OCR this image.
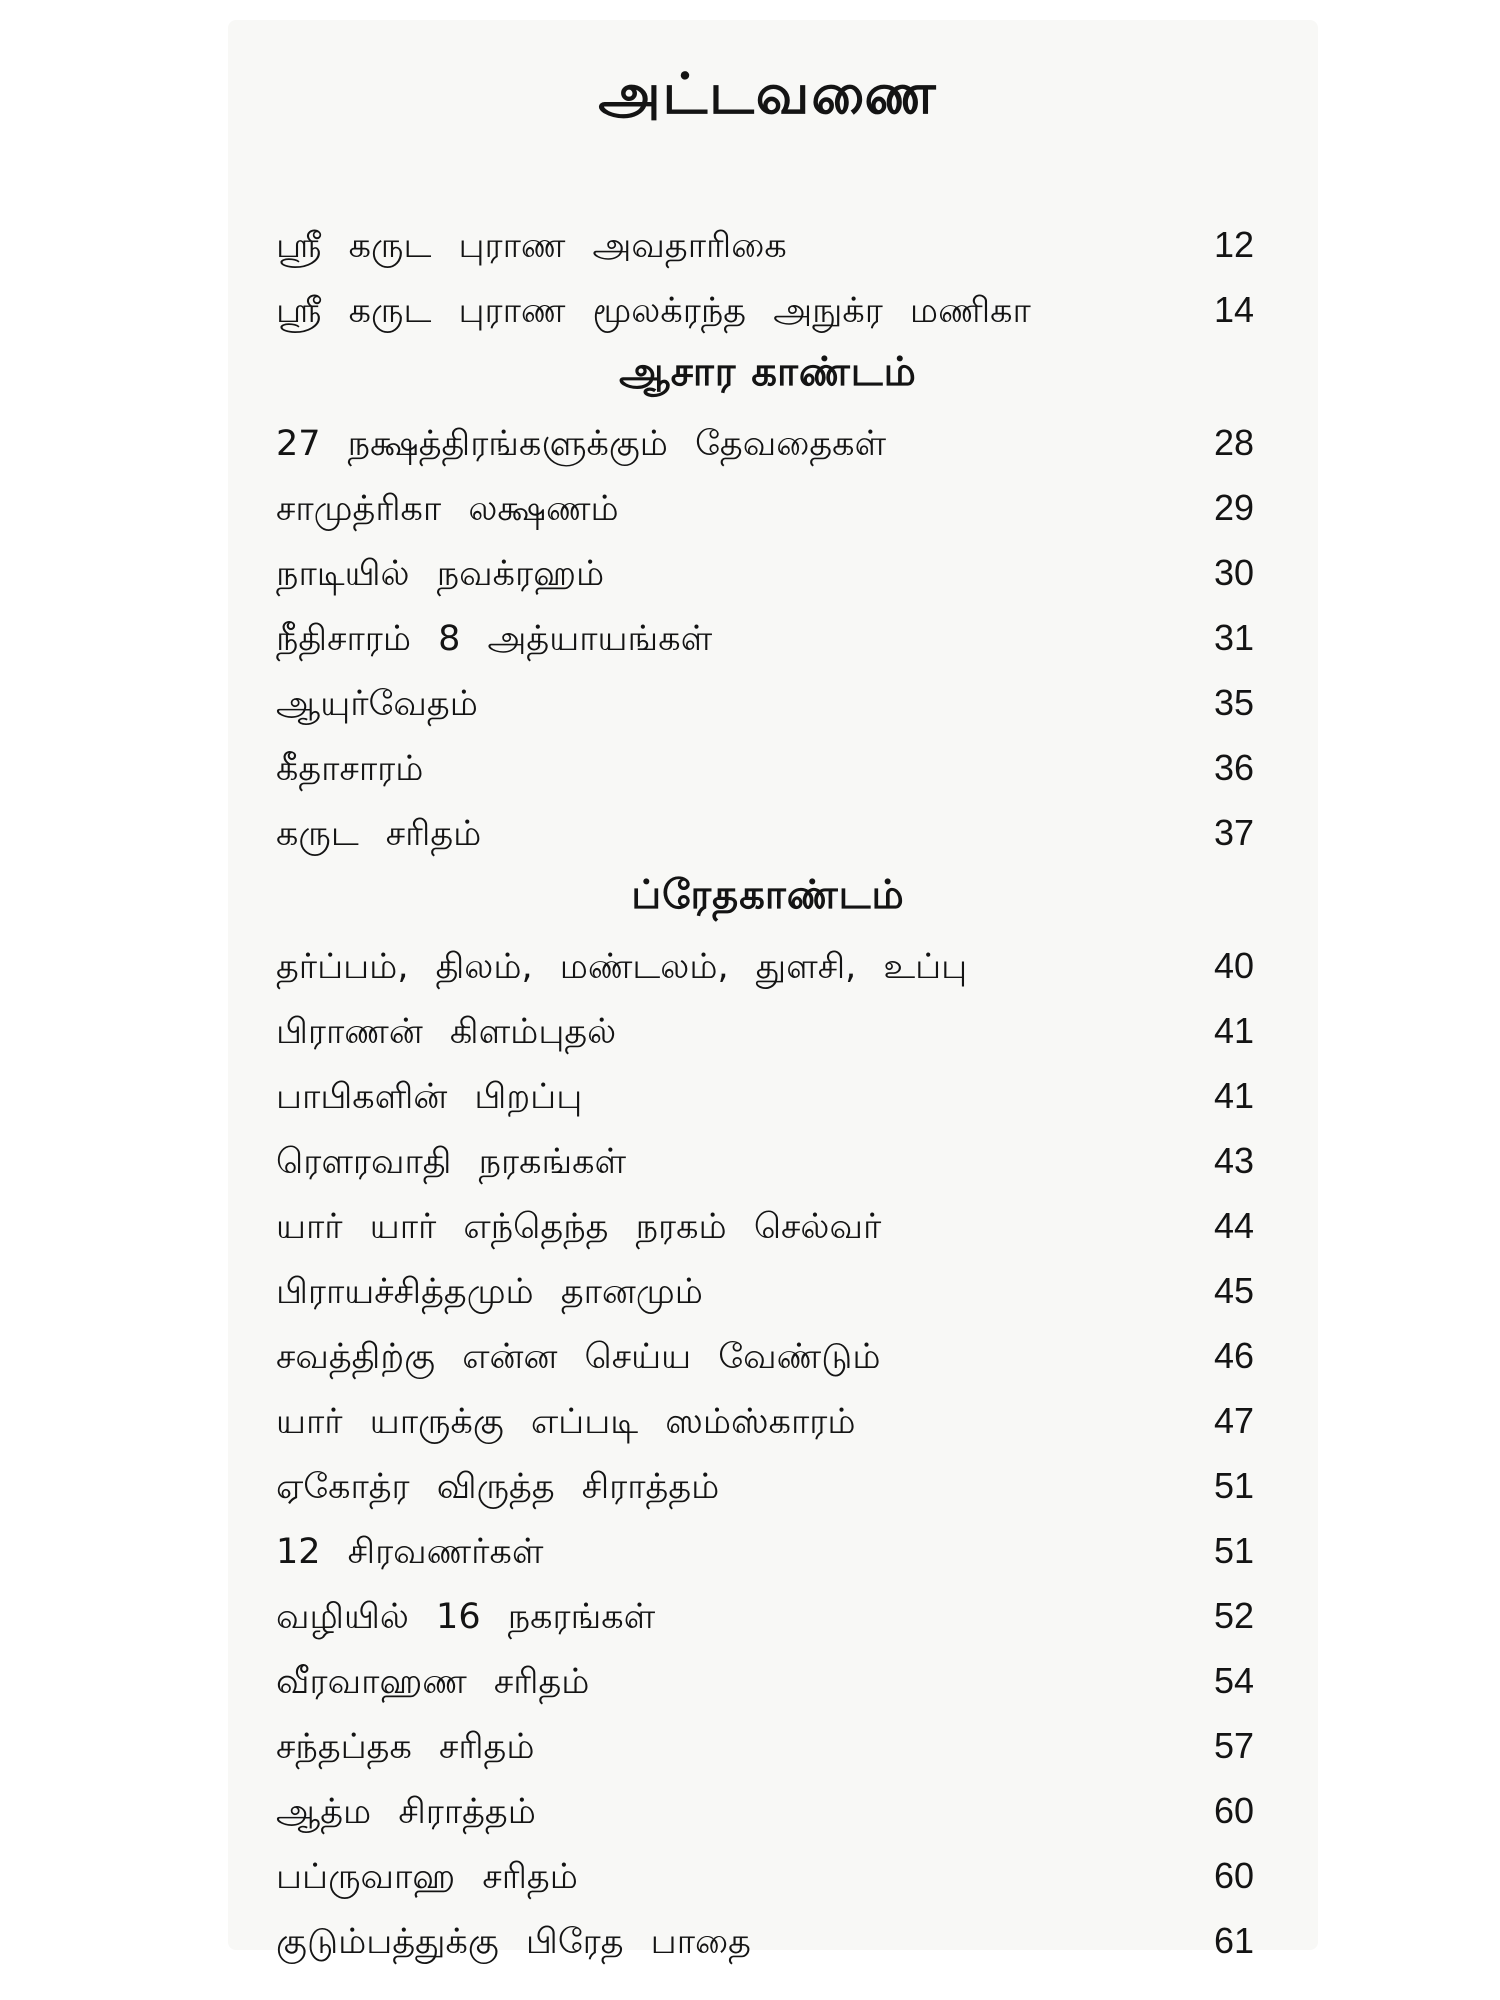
அட்டவணை
ஸ்ரீ கருட புராண அவதாரிகை	12
ஸ்ரீ கருட புராண மூலக்ரந்த அநுக்ர மணிகா	14
ஆசார காண்டம்
27 நக்ஷத்திரங்களுக்கும் தேவதைகள்	28
சாமுத்ரிகா லக்ஷணம்	29
நாடியில் நவக்ரஹம்	30
நீதிசாரம் 8 அத்யாயங்கள்	31
ஆயுர்வேதம்	35
கீதாசாரம்	36
கருட சரிதம்	37
ப்ரேதகாண்டம்
தர்ப்பம், திலம், மண்டலம், துளசி, உப்பு	40
பிராணன் கிளம்புதல்	41
பாபிகளின் பிறப்பு	41
ரௌரவாதி நரகங்கள்	43
யார் யார் எந்தெந்த நரகம் செல்வர்	44
பிராயச்சித்தமும் தானமும்	45
சவத்திற்கு என்ன செய்ய வேண்டும்	46
யார் யாருக்கு எப்படி ஸம்ஸ்காரம்	47
ஏகோத்ர விருத்த சிராத்தம்	51
12 சிரவணர்கள்	51
வழியில் 16 நகரங்கள்	52
வீரவாஹண சரிதம்	54
சந்தப்தக சரிதம்	57
ஆத்ம சிராத்தம்	60
பப்ருவாஹ சரிதம்	60
குடும்பத்துக்கு பிரேத பாதை	61
